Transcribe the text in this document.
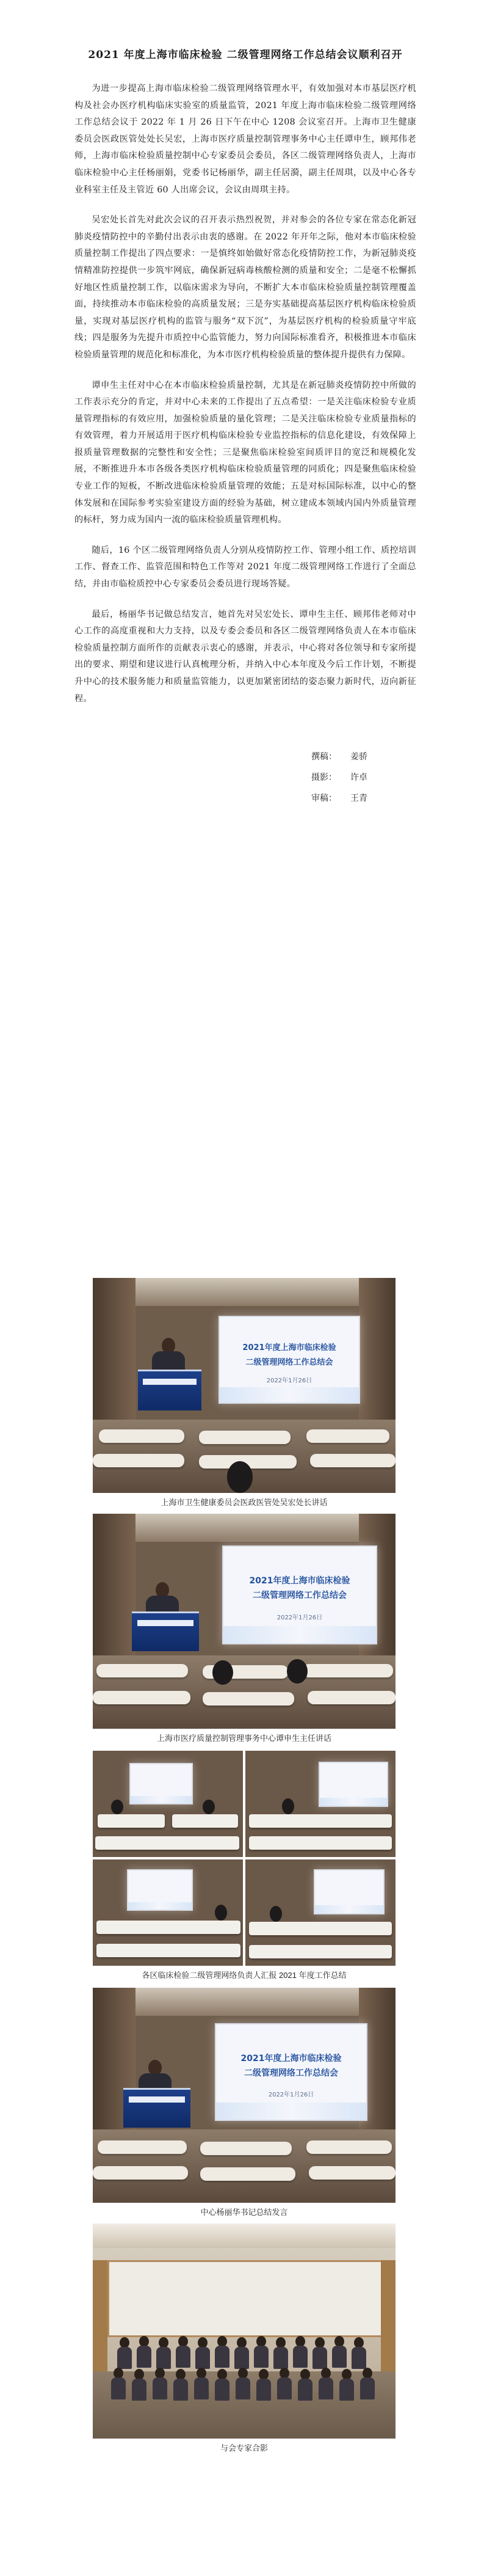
2021 年度上海市临床检验 二级管理网络工作总结会议顺利召开

为进一步提高上海市临床检验二级管理网络管理水平，有效加强对本市基层医疗机构及社会办医疗机构临床实验室的质量监管，2021 年度上海市临床检验二级管理网络工作总结会议于 2022 年 1 月 26 日下午在中心 1208 会议室召开。上海市卫生健康委员会医政医管处处长吴宏，上海市医疗质量控制管理事务中心主任谭申生，顾邦伟老师，上海市临床检验质量控制中心专家委员会委员，各区二级管理网络负责人，上海市临床检验中心主任杨丽娟，党委书记杨丽华，副主任居漪，副主任周琪，以及中心各专业科室主任及主管近 60 人出席会议，会议由周琪主持。

吴宏处长首先对此次会议的召开表示热烈祝贺，并对参会的各位专家在常态化新冠肺炎疫情防控中的辛勤付出表示由衷的感谢。在 2022 年开年之际，他对本市临床检验质量控制工作提出了四点要求：一是慎终如始做好常态化疫情防控工作，为新冠肺炎疫情精准防控提供一步筑牢网底，确保新冠病毒核酸检测的质量和安全；二是毫不松懈抓好地区性质量控制工作，以临床需求为导向，不断扩大本市临床检验质量控制管理覆盖面，持续推动本市临床检验的高质量发展；三是夯实基础提高基层医疗机构临床检验质量，实现对基层医疗机构的监管与服务“双下沉”，为基层医疗机构的检验质量守牢底线；四是服务为先提升市质控中心监管能力，努力向国际标准看齐，积极推进本市临床检验质量管理的规范化和标准化，为本市医疗机构检验质量的整体提升提供有力保障。

谭申生主任对中心在本市临床检验质量控制，尤其是在新冠肺炎疫情防控中所做的工作表示充分的肯定，并对中心未来的工作提出了五点希望：一是关注临床检验专业质量管理指标的有效应用，加强检验质量的量化管理；二是关注临床检验专业质量指标的有效管理，着力开展适用于医疗机构临床检验专业监控指标的信息化建设，有效保障上报质量管理数据的完整性和安全性；三是聚焦临床检验室间质评目的宽泛和规模化发展，不断推进升本市各级各类医疗机构临床检验质量管理的同质化；四是聚焦临床检验专业工作的短板，不断改进临床检验质量管理的效能；五是对标国际标准，以中心的整体发展和在国际参考实验室建设方面的经验为基础，树立建成本领域内国内外质量管理的标杆，努力成为国内一流的临床检验质量管理机构。

随后，16 个区二级管理网络负责人分别从疫情防控工作、管理小组工作、质控培训工作、督查工作、监管范围和特色工作等对 2021 年度二级管理网络工作进行了全面总结，并由市临检质控中心专家委员会委员进行现场答疑。

最后，杨丽华书记做总结发言，她首先对吴宏处长、谭申生主任、顾邦伟老师对中心工作的高度重视和大力支持，以及专委会委员和各区二级管理网络负责人在本市临床检验质量控制方面所作的贡献表示衷心的感谢，并表示，中心将对各位领导和专家所提出的要求、期望和建议进行认真梳理分析，并纳入中心本年度及今后工作计划，不断提升中心的技术服务能力和质量监管能力，以更加紧密团结的姿态聚力新时代，迈向新征程。

撰稿： 姜骄
摄影： 许卓
审稿： 王青
2021年度上海市临床检验
二级管理网络工作总结会
2022年1月26日
上海市卫生健康委员会医政医管处吴宏处长讲话
2021年度上海市临床检验
二级管理网络工作总结会
2022年1月26日
上海市医疗质量控制管理事务中心谭申生主任讲话
各区临床检验二级管理网络负责人汇报 2021 年度工作总结
2021年度上海市临床检验
二级管理网络工作总结会
2022年1月26日
中心杨丽华书记总结发言
与会专家合影
